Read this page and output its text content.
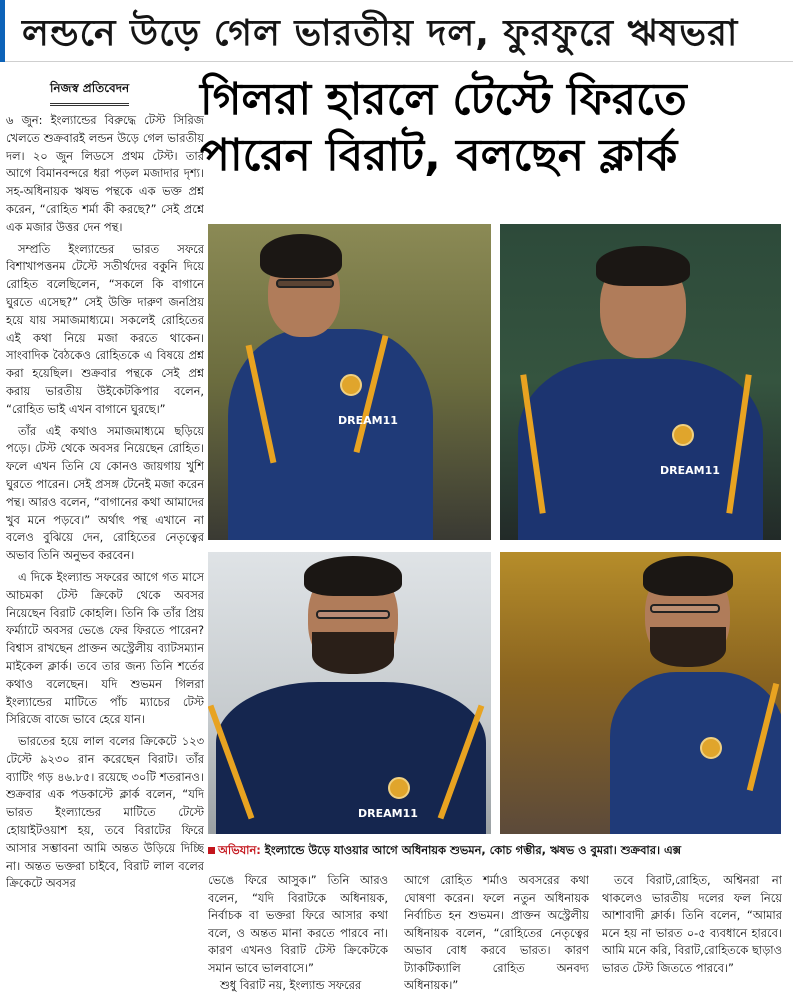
লন্ডনে উড়ে গেল ভারতীয় দল, ফুরফুরে ঋষভরা
নিজস্ব প্রতিবেদন গিলরা হারলে টেস্টে ফিরতে পারেন বিরাট, বলছেন ক্লার্ক

৬ জুন: ইংল্যান্ডের বিরুদ্ধে টেস্ট সিরিজ খেলতে শুক্রবারই লন্ডন উড়ে গেল ভারতীয় দল। ২০ জুন লিডসে প্রথম টেস্ট। তার আগে বিমানবন্দরে ধরা পড়ল মজাদার দৃশ্য। সহ-অধিনায়ক ঋষভ পন্থকে এক ভক্ত প্রশ্ন করেন, “রোহিত শর্মা কী করছে?” সেই প্রশ্নে এক মজার উত্তর দেন পন্থ।

সম্প্রতি ইংল্যান্ডের ভারত সফরে বিশাখাপত্তনম টেস্টে সতীর্থদের বকুনি দিয়ে রোহিত বলেছিলেন, “সকলে কি বাগানে ঘুরতে এসেছ?” সেই উক্তি দারুণ জনপ্রিয় হয়ে যায় সমাজমাধ্যমে। সকলেই রোহিতের এই কথা নিয়ে মজা করতে থাকেন। সাংবাদিক বৈঠকেও রোহিতকে এ বিষয়ে প্রশ্ন করা হয়েছিল। শুক্রবার পন্থকে সেই প্রশ্ন করায় ভারতীয় উইকেটকিপার বলেন, “রোহিত ভাই এখন বাগানে ঘুরছে।”

তাঁর এই কথাও সমাজমাধ্যমে ছড়িয়ে পড়ে। টেস্ট থেকে অবসর নিয়েছেন রোহিত। ফলে এখন তিনি যে কোনও জায়গায় খুশি ঘুরতে পারেন। সেই প্রসঙ্গ টেনেই মজা করেন পন্থ। আরও বলেন, “বাগানের কথা আমাদের খুব মনে পড়বে।” অর্থাৎ পন্থ এখানে না বলেও বুঝিয়ে দেন, রোহিতের নেতৃত্বের অভাব তিনি অনুভব করবেন।

এ দিকে ইংল্যান্ড সফরের আগে গত মাসে আচমকা টেস্ট ক্রিকেট থেকে অবসর নিয়েছেন বিরাট কোহলি। তিনি কি তাঁর প্রিয় ফর্ম্যাটে অবসর ভেঙে ফের ফিরতে পারেন? বিশ্বাস রাখছেন প্রাক্তন অস্ট্রেলীয় ব্যাটসম্যান মাইকেল ক্লার্ক। তবে তার জন্য তিনি শর্তের কথাও বলেছেন। যদি শুভমন গিলরা ইংল্যান্ডের মাটিতে পাঁচ ম্যাচের টেস্ট সিরিজে বাজে ভাবে হেরে যান।

ভারতের হয়ে লাল বলের ক্রিকেটে ১২৩ টেস্টে ৯২৩০ রান করেছেন বিরাট। তাঁর ব্যাটিং গড় ৪৬.৮৫। রয়েছে ৩০টি শতরানও। শুক্রবার এক পডকাস্টে ক্লার্ক বলেন, “যদি ভারত ইংল্যান্ডের মাটিতে টেস্টে হোয়াইটওয়াশ হয়, তবে বিরাটের ফিরে আসার সম্ভাবনা আমি অন্তত উড়িয়ে দিচ্ছি না। অন্তত ভক্তরা চাইবে, বিরাট লাল বলের ক্রিকেটে অবসর

DREAM11
DREAM11
DREAM11
অভিযান: ইংল্যান্ডে উড়ে যাওয়ার আগে অধিনায়ক শুভমন, কোচ গম্ভীর, ঋষভ ও বুমরা। শুক্রবার। এক্স

ভেঙে ফিরে আসুক।” তিনি আরও বলেন, “যদি বিরাটকে অধিনায়ক, নির্বাচক বা ভক্তরা ফিরে আসার কথা বলে, ও অন্তত মানা করতে পারবে না। কারণ এখনও বিরাট টেস্ট ক্রিকেটকে সমান ভাবে ভালবাসে।”

শুধু বিরাট নয়, ইংল্যান্ড সফরের

আগে রোহিত শর্মাও অবসরের কথা ঘোষণা করেন। ফলে নতুন অধিনায়ক নির্বাচিত হন শুভমন। প্রাক্তন অস্ট্রেলীয় অধিনায়ক বলেন, “রোহিতের নেতৃত্বের অভাব বোধ করবে ভারত। কারণ ট্যাকটিক্যালি রোহিত অনবদ্য অধিনায়ক।”

তবে বিরাট,রোহিত, অশ্বিনরা না থাকলেও ভারতীয় দলের ফল নিয়ে আশাবাদী ক্লার্ক। তিনি বলেন, “আমার মনে হয় না ভারত ০-৫ ব্যবধানে হারবে। আমি মনে করি, বিরাট,রোহিতকে ছাড়াও ভারত টেস্ট জিততে পারবে।”
